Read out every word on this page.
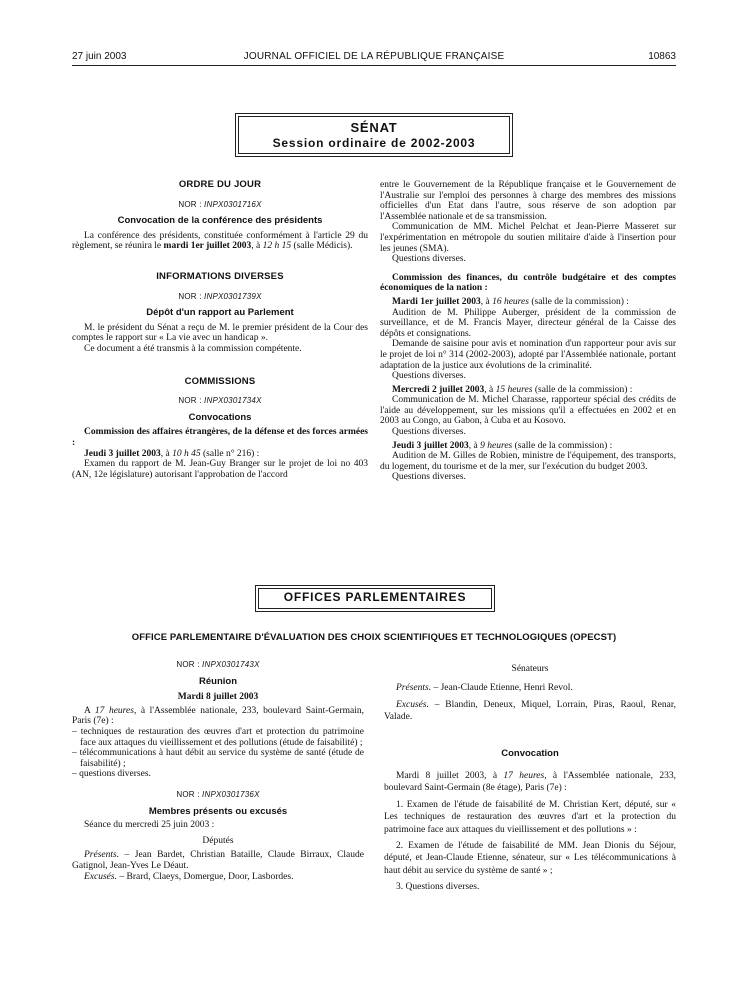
27 juin 2003	JOURNAL OFFICIEL DE LA RÉPUBLIQUE FRANÇAISE	10863
SÉNAT
Session ordinaire de 2002-2003
ORDRE DU JOUR
NOR : INPX0301716X
Convocation de la conférence des présidents

La conférence des présidents, constituée conformément à l'article 29 du règlement, se réunira le mardi 1er juillet 2003, à 12 h 15 (salle Médicis).

INFORMATIONS DIVERSES
NOR : INPX0301739X
Dépôt d'un rapport au Parlement

M. le président du Sénat a reçu de M. le premier président de la Cour des comptes le rapport sur « La vie avec un handicap ».

Ce document a été transmis à la commission compétente.

COMMISSIONS
NOR : INPX0301734X
Convocations

Commission des affaires étrangères, de la défense et des forces armées :

Jeudi 3 juillet 2003, à 10 h 45 (salle n° 216) :

Examen du rapport de M. Jean-Guy Branger sur le projet de loi no 403 (AN, 12e législature) autorisant l'approbation de l'accord

entre le Gouvernement de la République française et le Gouvernement de l'Australie sur l'emploi des personnes à charge des membres des missions officielles d'un Etat dans l'autre, sous réserve de son adoption par l'Assemblée nationale et de sa transmission.

Communication de MM. Michel Pelchat et Jean-Pierre Masseret sur l'expérimentation en métropole du soutien militaire d'aide à l'insertion pour les jeunes (SMA).

Questions diverses.

Commission des finances, du contrôle budgétaire et des comptes économiques de la nation :

Mardi 1er juillet 2003, à 16 heures (salle de la commission) :

Audition de M. Philippe Auberger, président de la commission de surveillance, et de M. Francis Mayer, directeur général de la Caisse des dépôts et consignations.

Demande de saisine pour avis et nomination d'un rapporteur pour avis sur le projet de loi n° 314 (2002-2003), adopté par l'Assemblée nationale, portant adaptation de la justice aux évolutions de la criminalité.

Questions diverses.

Mercredi 2 juillet 2003, à 15 heures (salle de la commission) :

Communication de M. Michel Charasse, rapporteur spécial des crédits de l'aide au développement, sur les missions qu'il a effectuées en 2002 et en 2003 au Congo, au Gabon, à Cuba et au Kosovo.

Questions diverses.

Jeudi 3 juillet 2003, à 9 heures (salle de la commission) :

Audition de M. Gilles de Robien, ministre de l'équipement, des transports, du logement, du tourisme et de la mer, sur l'exécution du budget 2003.

Questions diverses.

OFFICES PARLEMENTAIRES
OFFICE PARLEMENTAIRE D'ÉVALUATION DES CHOIX SCIENTIFIQUES ET TECHNOLOGIQUES (OPECST)
NOR : INPX0301743X
Réunion
Mardi 8 juillet 2003

A 17 heures, à l'Assemblée nationale, 233, boulevard Saint-Germain, Paris (7e) :

– techniques de restauration des œuvres d'art et protection du patrimoine face aux attaques du vieillissement et des pollutions (étude de faisabilité) ;

– télécommunications à haut débit au service du système de santé (étude de faisabilité) ;

– questions diverses.

NOR : INPX0301736X
Membres présents ou excusés

Séance du mercredi 25 juin 2003 :

Députés

Présents. – Jean Bardet, Christian Bataille, Claude Birraux, Claude Gatignol, Jean-Yves Le Déaut.

Excusés. – Brard, Claeys, Domergue, Door, Lasbordes.

Sénateurs

Présents. – Jean-Claude Etienne, Henri Revol.

Excusés. – Blandin, Deneux, Miquel, Lorrain, Piras, Raoul, Renar, Valade.

Convocation

Mardi 8 juillet 2003, à 17 heures, à l'Assemblée nationale, 233, boulevard Saint-Germain (8e étage), Paris (7e) :

1. Examen de l'étude de faisabilité de M. Christian Kert, député, sur « Les techniques de restauration des œuvres d'art et la protection du patrimoine face aux attaques du vieillissement et des pollutions » :

2. Examen de l'étude de faisabilité de MM. Jean Dionis du Séjour, député, et Jean-Claude Etienne, sénateur, sur « Les télécommunications à haut débit au service du système de santé » ;

3. Questions diverses.
